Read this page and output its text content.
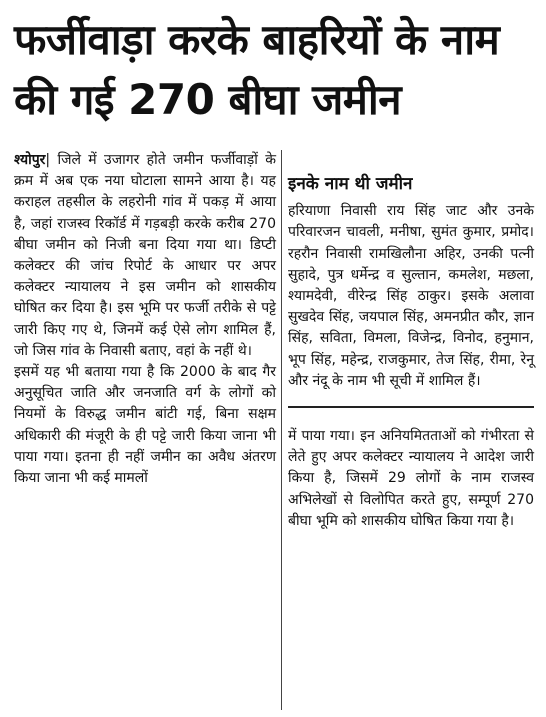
फर्जीवाड़ा करके बाहरियों के नाम की गई 270 बीघा जमीन

श्योपुर| जिले में उजागर होते जमीन फर्जीवाड़ों के क्रम में अब एक नया घोटाला सामने आया है। यह कराहल तहसील के लहरोनी गांव में पकड़ में आया है, जहां राजस्व रिकॉर्ड में गड़बड़ी करके करीब 270 बीघा जमीन को निजी बना दिया गया था। डिप्टी कलेक्टर की जांच रिपोर्ट के आधार पर अपर कलेक्टर न्यायालय ने इस जमीन को शासकीय घोषित कर दिया है। इस भूमि पर फर्जी तरीके से पट्टे जारी किए गए थे, जिनमें कई ऐसे लोग शामिल हैं, जो जिस गांव के निवासी बताए, वहां के नहीं थे।

इसमें यह भी बताया गया है कि 2000 के बाद गैर अनुसूचित जाति और जनजाति वर्ग के लोगों को नियमों के विरुद्ध जमीन बांटी गई, बिना सक्षम अधिकारी की मंजूरी के ही पट्टे जारी किया जाना भी पाया गया। इतना ही नहीं जमीन का अवैध अंतरण किया जाना भी कई मामलों

इनके नाम थी जमीन

हरियाणा निवासी राय सिंह जाट और उनके परिवारजन चावली, मनीषा, सुमंत कुमार, प्रमोद। रहरौन निवासी रामखिलौना अहिर, उनकी पत्नी सुहादे, पुत्र धर्मेन्द्र व सुल्तान, कमलेश, मछला, श्यामदेवी, वीरेन्द्र सिंह ठाकुर। इसके अलावा सुखदेव सिंह, जयपाल सिंह, अमनप्रीत कौर, ज्ञान सिंह, सविता, विमला, विजेन्द्र, विनोद, हनुमान, भूप सिंह, महेन्द्र, राजकुमार, तेज सिंह, रीमा, रेनू और नंदू के नाम भी सूची में शामिल हैं।

में पाया गया। इन अनियमितताओं को गंभीरता से लेते हुए अपर कलेक्टर न्यायालय ने आदेश जारी किया है, जिसमें 29 लोगों के नाम राजस्व अभिलेखों से विलोपित करते हुए, सम्पूर्ण 270 बीघा भूमि को शासकीय घोषित किया गया है।
